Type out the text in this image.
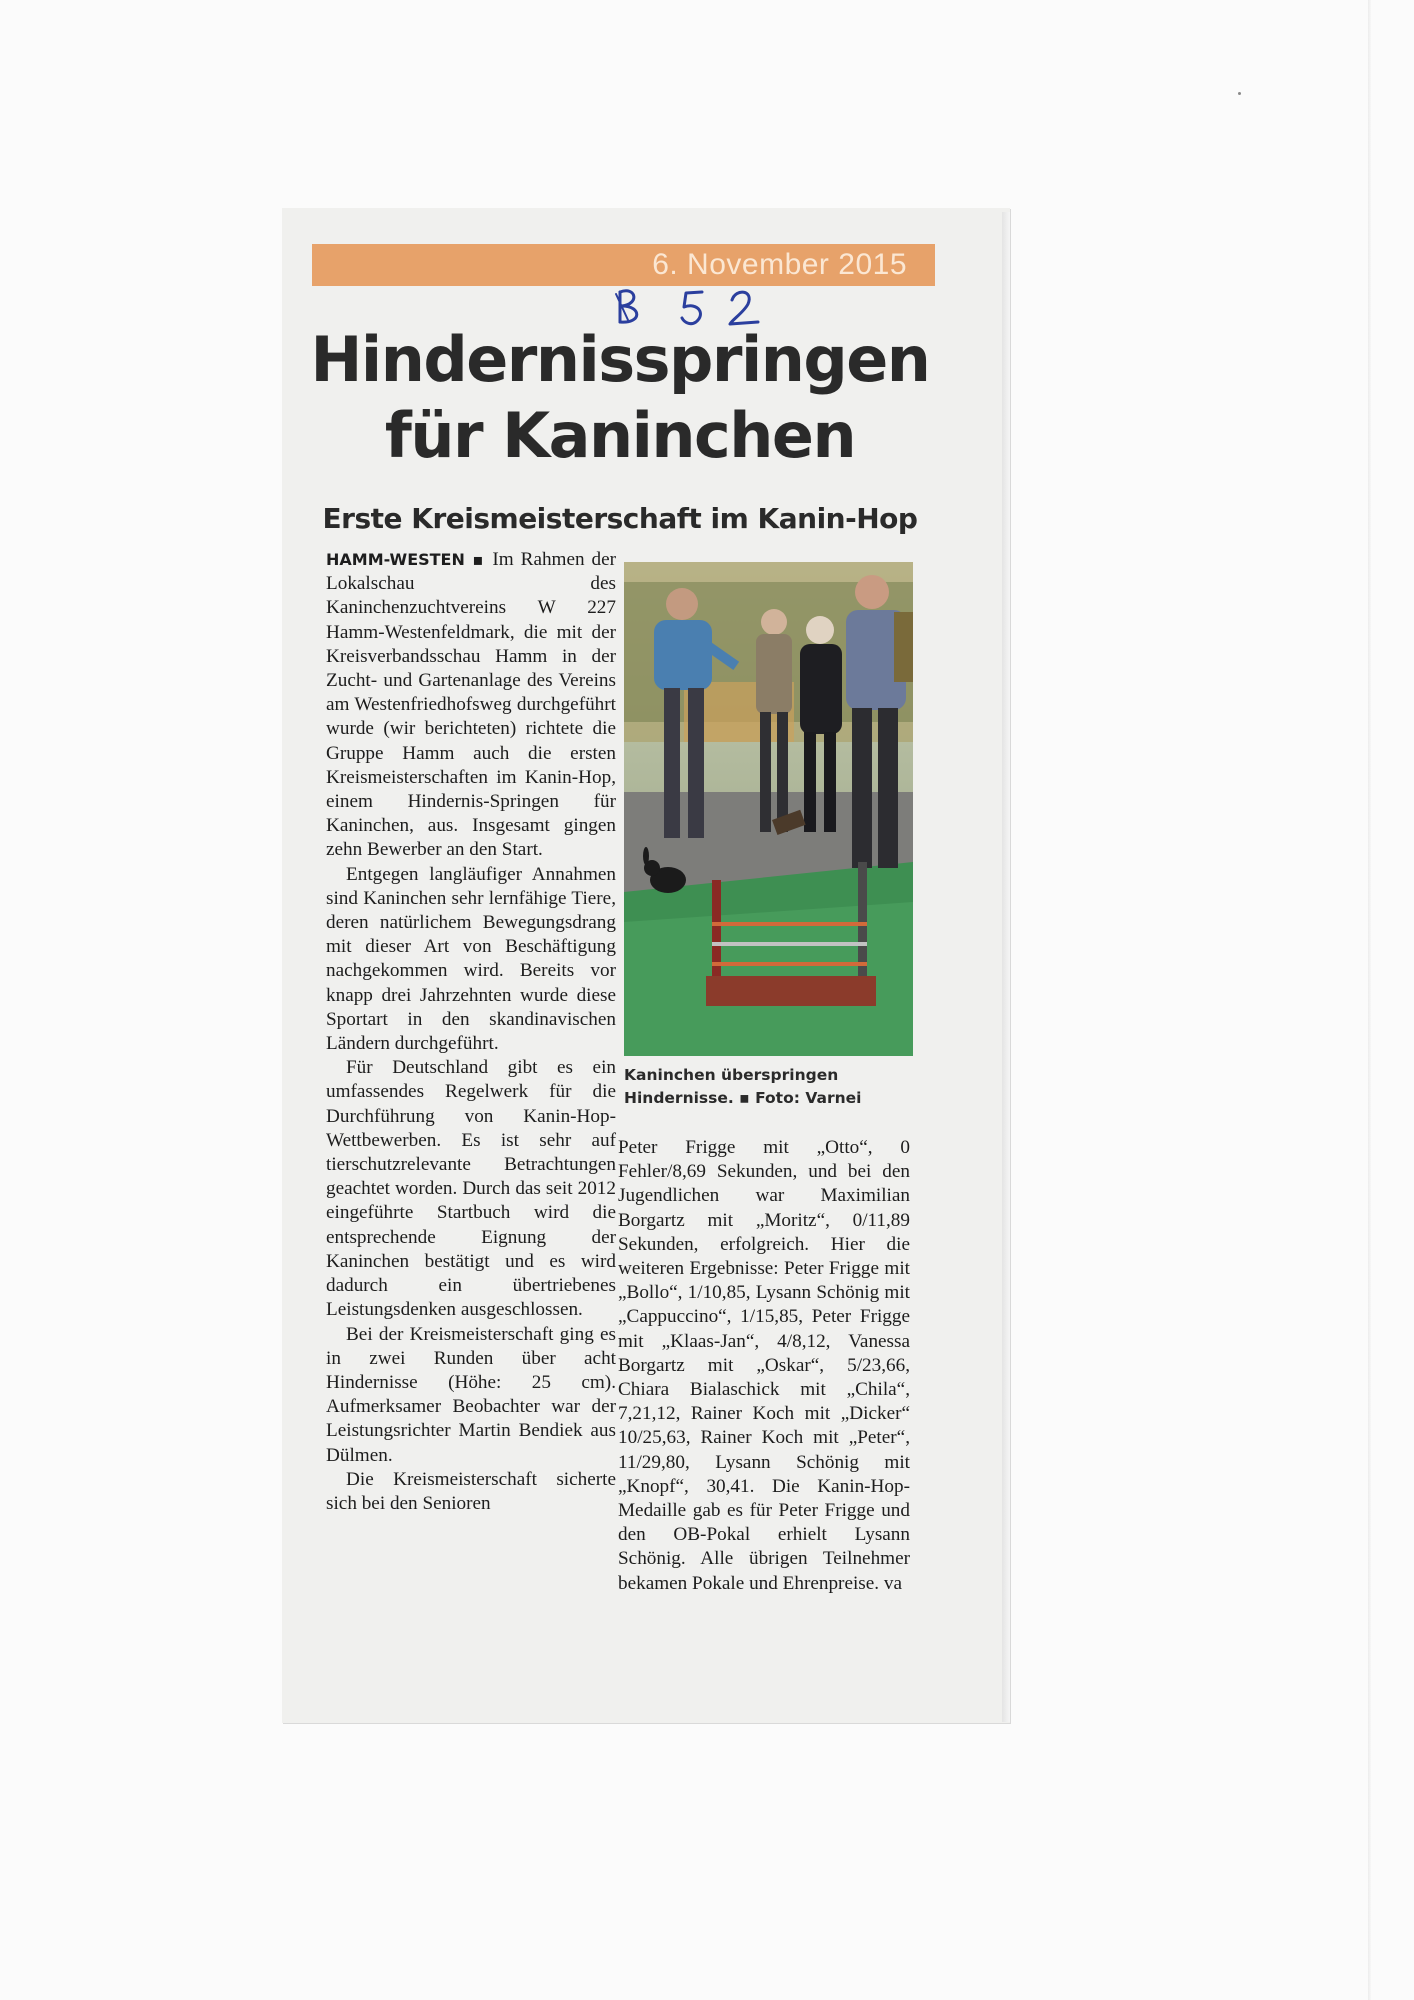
6. November 2015
Hindernisspringen
für Kaninchen
Erste Kreismeisterschaft im Kanin-Hop

HAMM-WESTEN ▪ Im Rahmen der Lokalschau des Kaninchenzuchtvereins W 227 Hamm-Westenfeldmark, die mit der Kreisverbandsschau Hamm in der Zucht- und Gartenanlage des Vereins am Westenfriedhofsweg durchgeführt wurde (wir berichteten) richtete die Gruppe Hamm auch die ersten Kreismeisterschaften im Kanin-Hop, einem Hindernis-Springen für Kaninchen, aus. Insgesamt gingen zehn Bewerber an den Start.

Entgegen langläufiger Annahmen sind Kaninchen sehr lernfähige Tiere, deren natürlichem Bewegungsdrang mit dieser Art von Beschäftigung nachgekommen wird. Bereits vor knapp drei Jahrzehnten wurde diese Sportart in den skandinavischen Ländern durchgeführt.

Für Deutschland gibt es ein umfassendes Regelwerk für die Durchführung von Kanin-Hop-Wettbewerben. Es ist sehr auf tierschutzrelevante Betrachtungen geachtet worden. Durch das seit 2012 eingeführte Startbuch wird die entsprechende Eignung der Kaninchen bestätigt und es wird dadurch ein übertriebenes Leistungsdenken ausgeschlossen.

Bei der Kreismeisterschaft ging es in zwei Runden über acht Hindernisse (Höhe: 25 cm). Aufmerksamer Beobachter war der Leistungsrichter Martin Bendiek aus Dülmen.

Die Kreismeisterschaft sicherte sich bei den Senioren

Kaninchen überspringen Hindernisse. ▪ Foto: Varnei

Peter Frigge mit „Otto“, 0 Fehler/8,69 Sekunden, und bei den Jugendlichen war Maximilian Borgartz mit „Moritz“, 0/11,89 Sekunden, erfolgreich. Hier die weiteren Ergebnisse: Peter Frigge mit „Bollo“, 1/10,85, Lysann Schönig mit „Cappuccino“, 1/15,85, Peter Frigge mit „Klaas-Jan“, 4/8,12, Vanessa Borgartz mit „Oskar“, 5/23,66, Chiara Bialaschick mit „Chila“, 7,21,12, Rainer Koch mit „Dicker“ 10/25,63, Rainer Koch mit „Peter“, 11/29,80, Lysann Schönig mit „Knopf“, 30,41. Die Kanin-Hop-Medaille gab es für Peter Frigge und den OB-Pokal erhielt Lysann Schönig. Alle übrigen Teilnehmer bekamen Pokale und Ehrenpreise. va
